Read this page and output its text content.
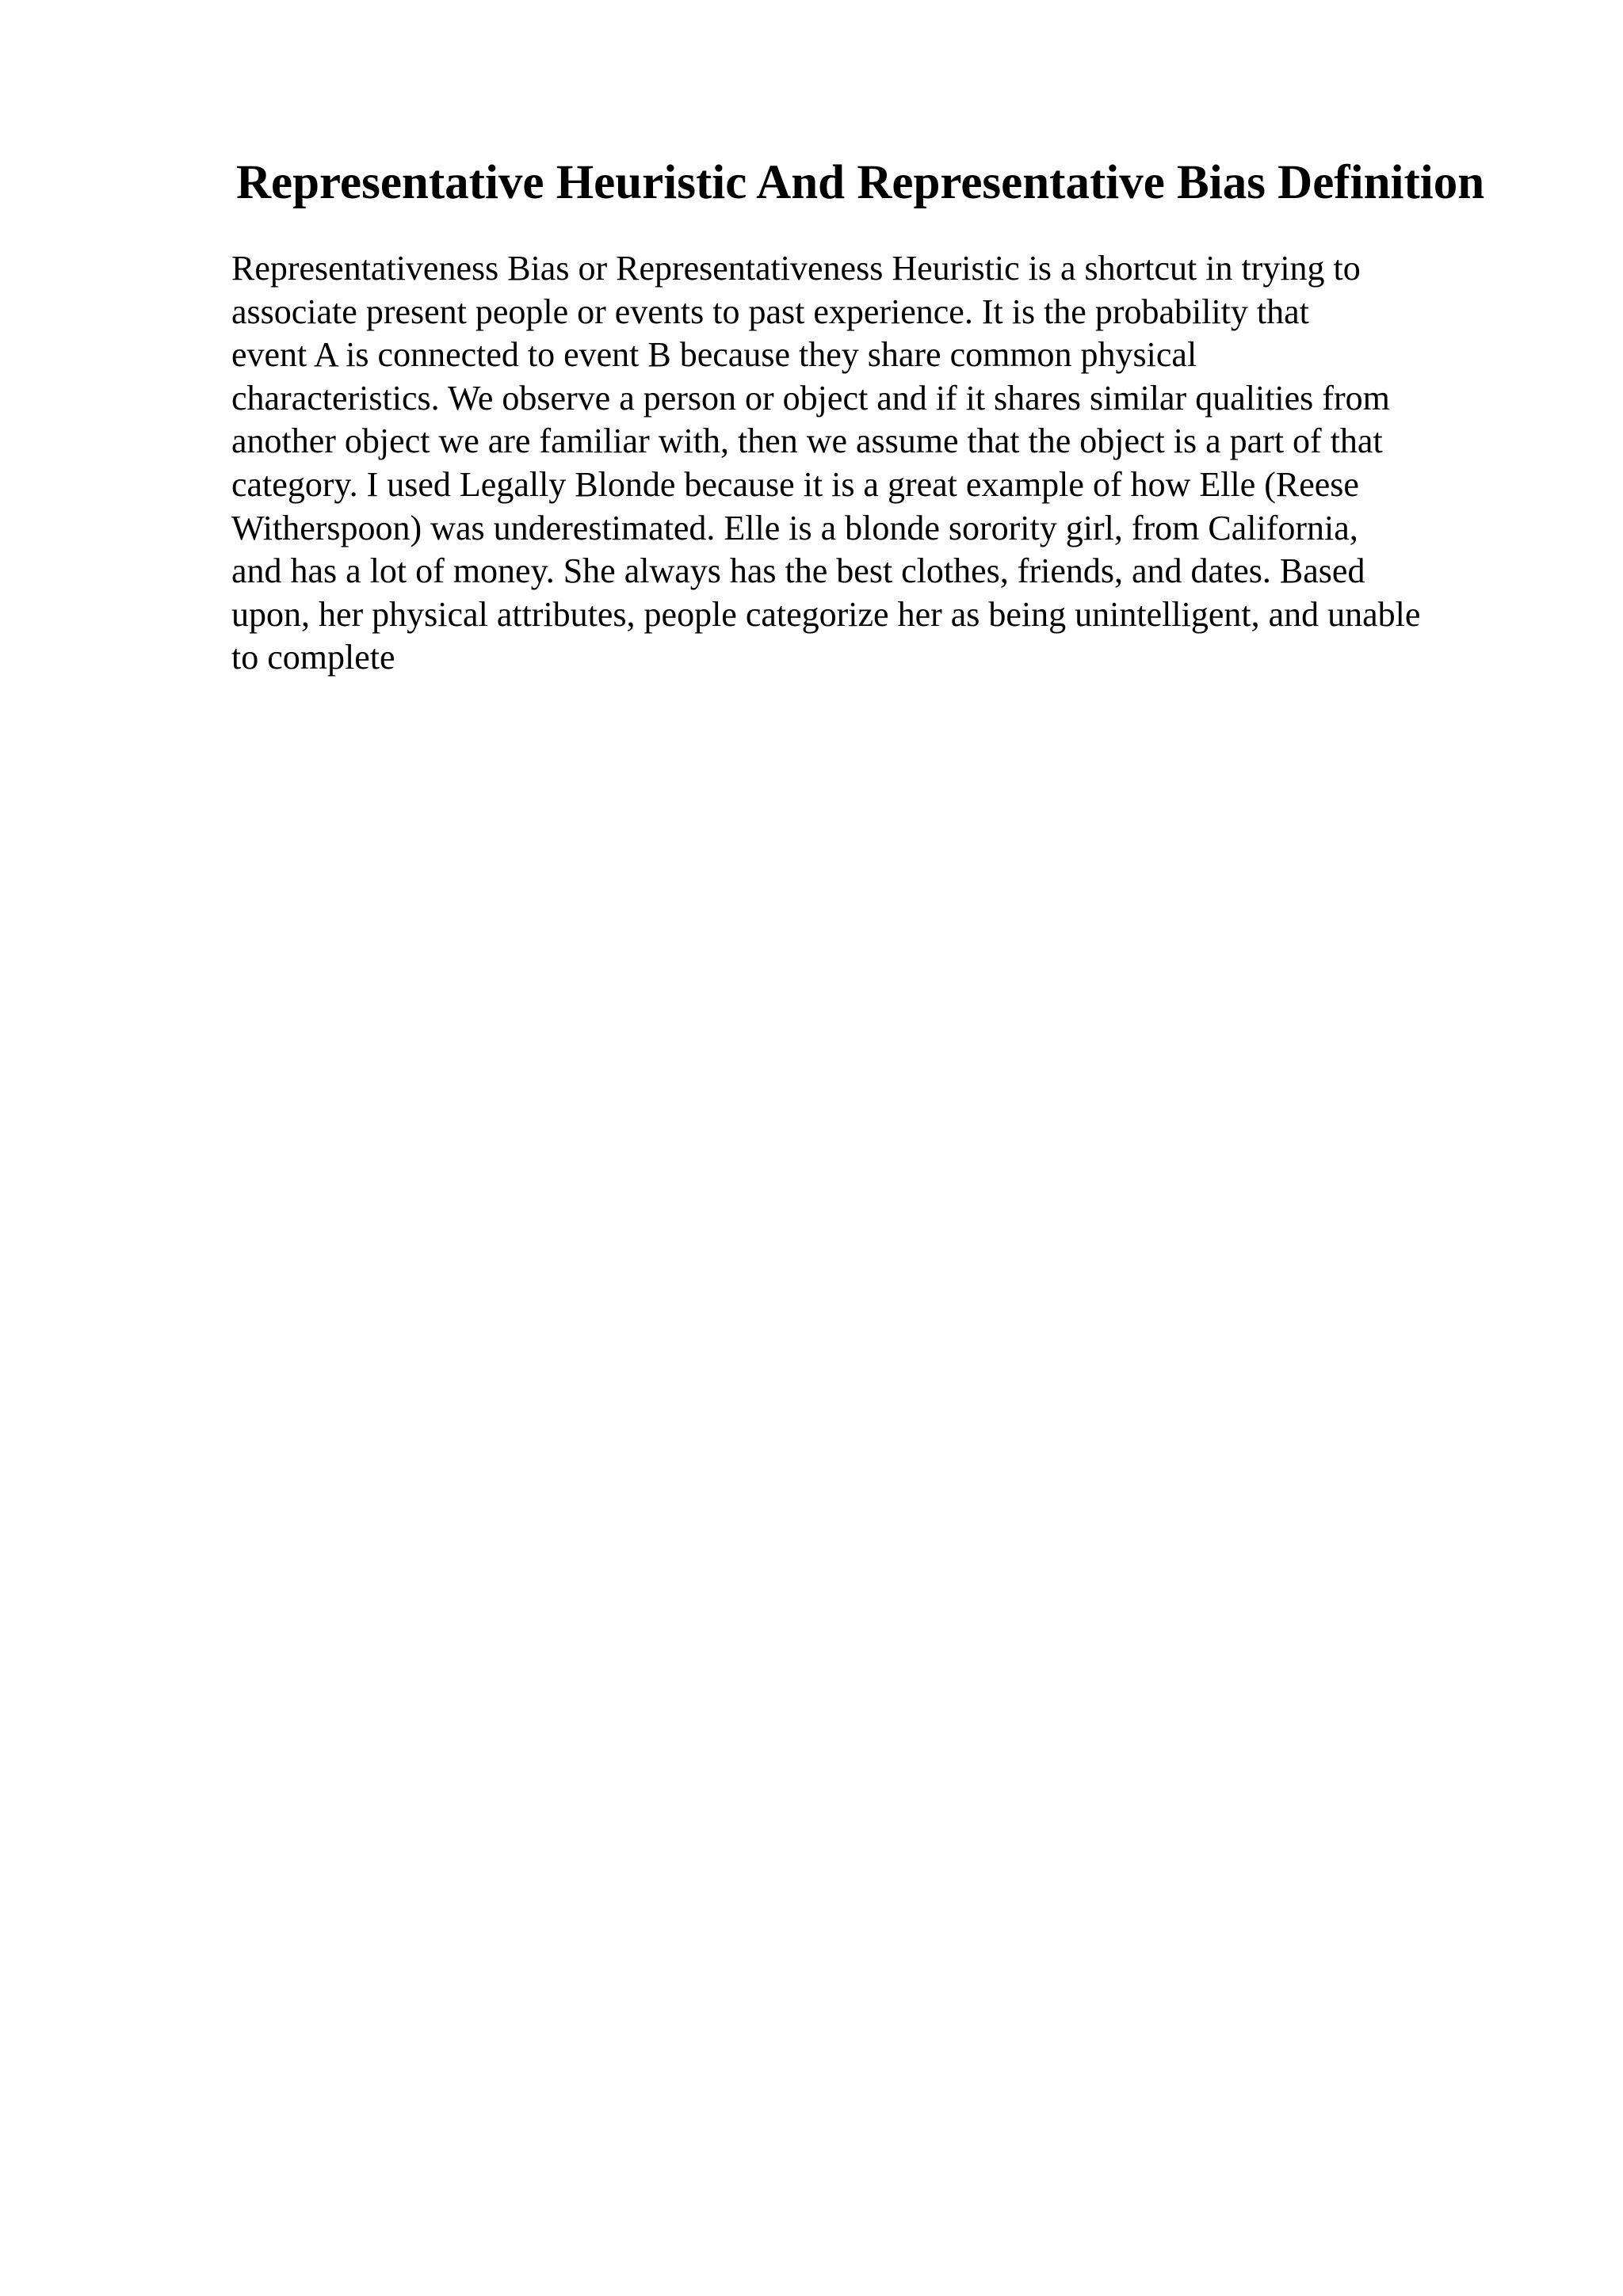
Representative Heuristic And Representative Bias Definition

Representativeness Bias or Representativeness Heuristic is a shortcut in trying to
associate present people or events to past experience. It is the probability that
event A is connected to event B because they share common physical
characteristics. We observe a person or object and if it shares similar qualities from
another object we are familiar with, then we assume that the object is a part of that
category. I used Legally Blonde because it is a great example of how Elle (Reese
Witherspoon) was underestimated. Elle is a blonde sorority girl, from California,
and has a lot of money. She always has the best clothes, friends, and dates. Based
upon, her physical attributes, people categorize her as being unintelligent, and unable
to complete
